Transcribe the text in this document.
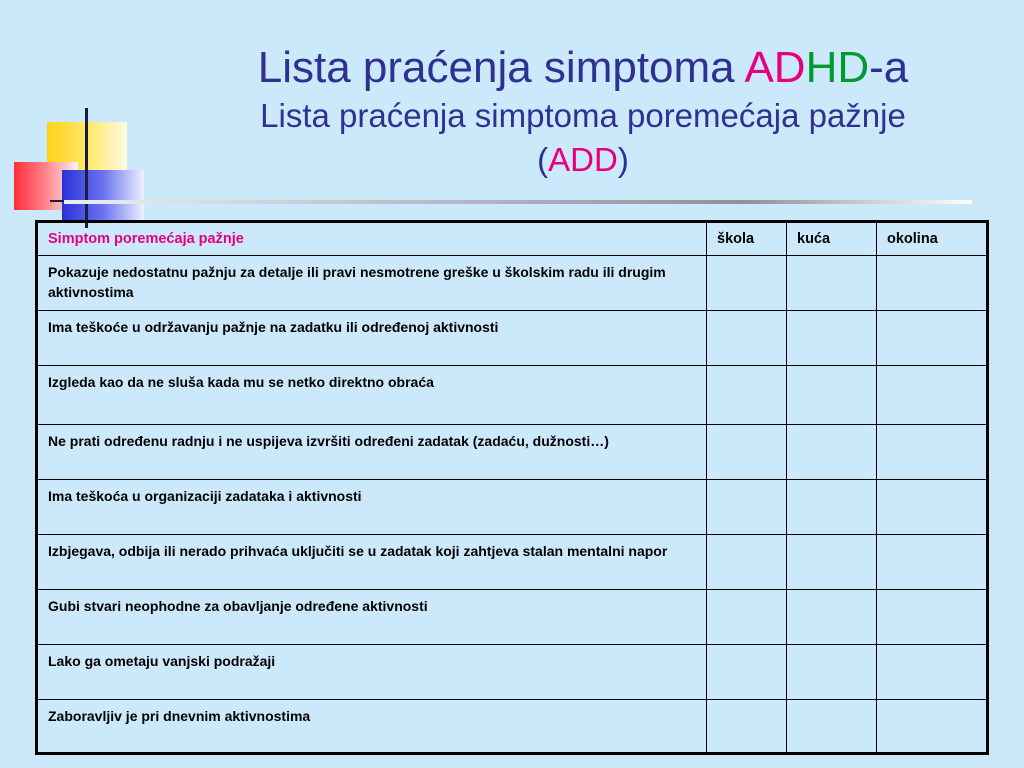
Lista praćenja simptoma ADHD-a
Lista praćenja simptoma poremećaja pažnje
(ADD)
Simptom poremećaja pažnje	škola	kuća	okolina
Pokazuje nedostatnu pažnju za detalje ili pravi nesmotrene greške u školskim radu ili drugim aktivnostima			
Ima teškoće u održavanju pažnje na zadatku ili određenoj aktivnosti			
Izgleda kao da ne sluša kada mu se netko direktno obraća			
Ne prati određenu radnju i ne uspijeva izvršiti određeni zadatak (zadaću, dužnosti…)			
Ima teškoća u organizaciji zadataka i aktivnosti			
Izbjegava, odbija ili nerado prihvaća uključiti se u zadatak koji zahtjeva stalan mentalni napor			
Gubi stvari neophodne za obavljanje određene aktivnosti			
Lako ga ometaju vanjski podražaji			
Zaboravljiv je pri dnevnim aktivnostima			
